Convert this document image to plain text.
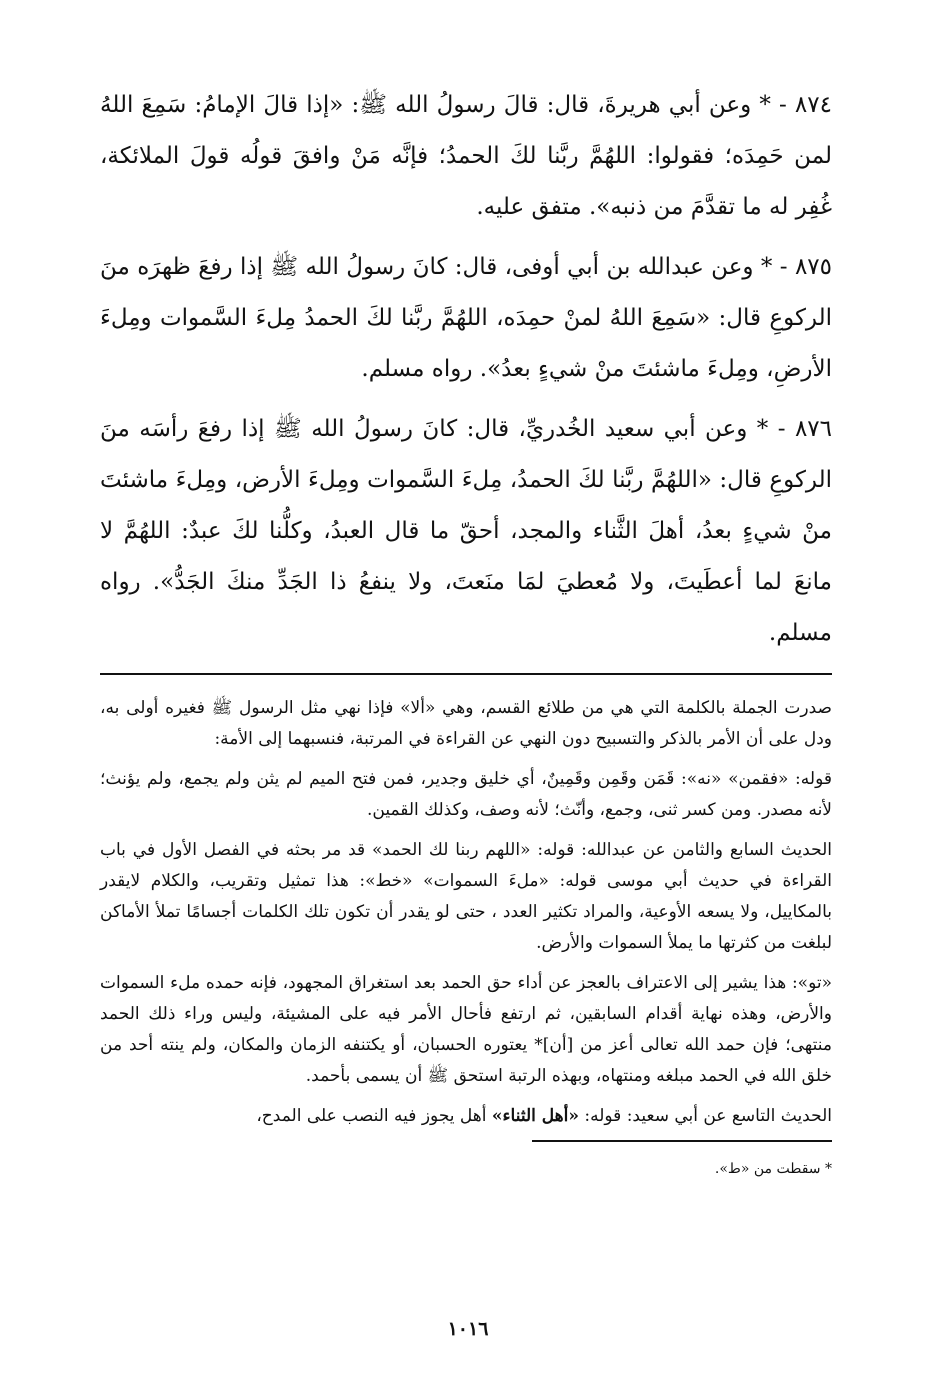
٨٧٤ - * وعن أبي هريرةَ، قال: قالَ رسولُ الله ﷺ: «إذا قالَ الإمامُ: سَمِعَ اللهُ لمن حَمِدَه؛ فقولوا: اللهُمَّ ربَّنا لكَ الحمدُ؛ فإنَّه مَنْ وافقَ قولُه قولَ الملائكة، غُفِر له ما تقدَّمَ من ذنبه». متفق عليه.

٨٧٥ - * وعن عبدالله بن أبي أوفى، قال: كانَ رسولُ الله ﷺ إذا رفعَ ظهرَه منَ الركوعِ قال: «سَمِعَ اللهُ لمنْ حمِدَه، اللهُمَّ ربَّنا لكَ الحمدُ مِلءَ السَّموات ومِلءَ الأرضِ، ومِلءَ ماشئتَ منْ شيءٍ بعدُ». رواه مسلم.

٨٧٦ - * وعن أبي سعيد الخُدريِّ، قال: كانَ رسولُ الله ﷺ إذا رفعَ رأسَه منَ الركوعِ قال: «اللهُمَّ ربَّنا لكَ الحمدُ، مِلءَ السَّموات ومِلءَ الأرض، ومِلءَ ماشئتَ منْ شيءٍ بعدُ، أهلَ الثَّناء والمجد، أحقّ ما قال العبدُ، وكلُّنا لكَ عبدٌ: اللهُمَّ لا مانعَ لما أعطَيتَ، ولا مُعطيَ لمَا منَعتَ، ولا ينفعُ ذا الجَدِّ منكَ الجَدُّ». رواه مسلم.

صدرت الجملة بالكلمة التي هي من طلائع القسم، وهي «ألا» فإذا نهي مثل الرسول ﷺ فغيره أولى به، ودل على أن الأمر بالذكر والتسبيح دون النهي عن القراءة في المرتبة، فنسبهما إلى الأمة:

قوله: «فقمن» «نه»: قَمَن وقَمِن وقَمِينٌ، أي خليق وجدير، فمن فتح الميم لم يثن ولم يجمع، ولم يؤنث؛ لأنه مصدر. ومن كسر ثنى، وجمع، وأنّث؛ لأنه وصف، وكذلك القمين.

الحديث السابع والثامن عن عبدالله: قوله: «اللهم ربنا لك الحمد» قد مر بحثه في الفصل الأول في باب القراءة في حديث أبي موسى قوله: «ملءَ السموات» «خط»: هذا تمثيل وتقريب، والكلام لايقدر بالمكاييل، ولا يسعه الأوعية، والمراد تكثير العدد ، حتى لو يقدر أن تكون تلك الكلمات أجسامًا تملأ الأماكن لبلغت من كثرتها ما يملأ السموات والأرض.

«تو»: هذا يشير إلى الاعتراف بالعجز عن أداء حق الحمد بعد استغراق المجهود، فإنه حمده ملء السموات والأرض، وهذه نهاية أقدام السابقين، ثم ارتفع فأحال الأمر فيه على المشيئة، وليس وراء ذلك الحمد منتهى؛ فإن حمد الله تعالى أعز من [أن]* يعتوره الحسبان، أو يكتنفه الزمان والمكان، ولم ينته أحد من خلق الله في الحمد مبلغه ومنتهاه، وبهذه الرتبة استحق ﷺ أن يسمى بأحمد.

الحديث التاسع عن أبي سعيد: قوله: «أهل الثناء» أهل يجوز فيه النصب على المدح،

* سقطت من «ط».

١٠١٦
